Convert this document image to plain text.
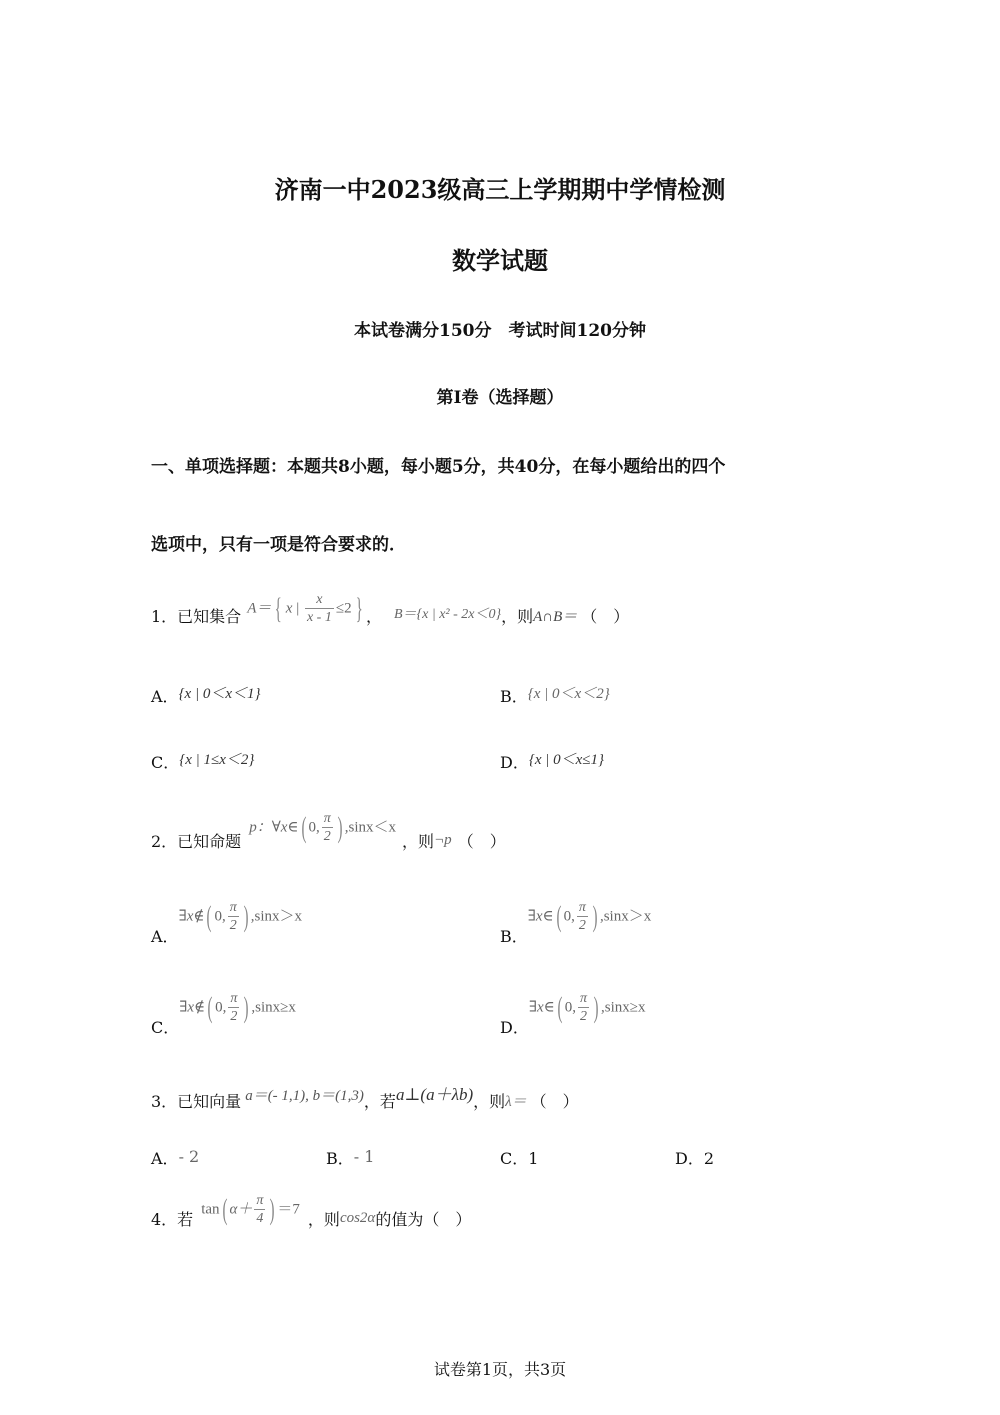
济南一中2023级高三上学期期中学情检测
数学试题
本试卷满分150分　考试时间120分钟
第I卷（选择题）
一、单项选择题：本题共8小题，每小题5分，共40分，在每小题给出的四个
选项中，只有一项是符合要求的．
1．已知集合 A＝ { x | $\frac{x}{x - 1} \le 2$ } ， B＝{x | x² - 2x＜0} ，则 A∩B＝ （　）
A．{x | 0＜x＜1}	B．{x | 0＜x＜2}
C．{x | 1≤x＜2}	D．{x | 0＜x≤1}
2．已知命题
p：∀x∈( 0, $\frac{\pi}{2}$ ) ,sinx＜x
，则 ¬p （　）
A．
∃x∉( 0, $\frac{\pi}{2}$ ) ,sinx＞x
B．
∃x∈( 0, $\frac{\pi}{2}$ ) ,sinx＞x
C．
∃x∉( 0, $\frac{\pi}{2}$ ) ,sinx≥x
D．
∃x∈( 0, $\frac{\pi}{2}$ ) ,sinx≥x
3．已知向量 a＝(- 1,1), b＝(1,3) ，若 a⊥(a＋λb) ，则 λ＝ （　）
A．- 2	B．- 1	C．1	D．2
4．若
tan( $\alpha+ \frac{\pi}{4}$ ) ＝7
，则 cos2α 的值为（　）
试卷第1页，共3页
